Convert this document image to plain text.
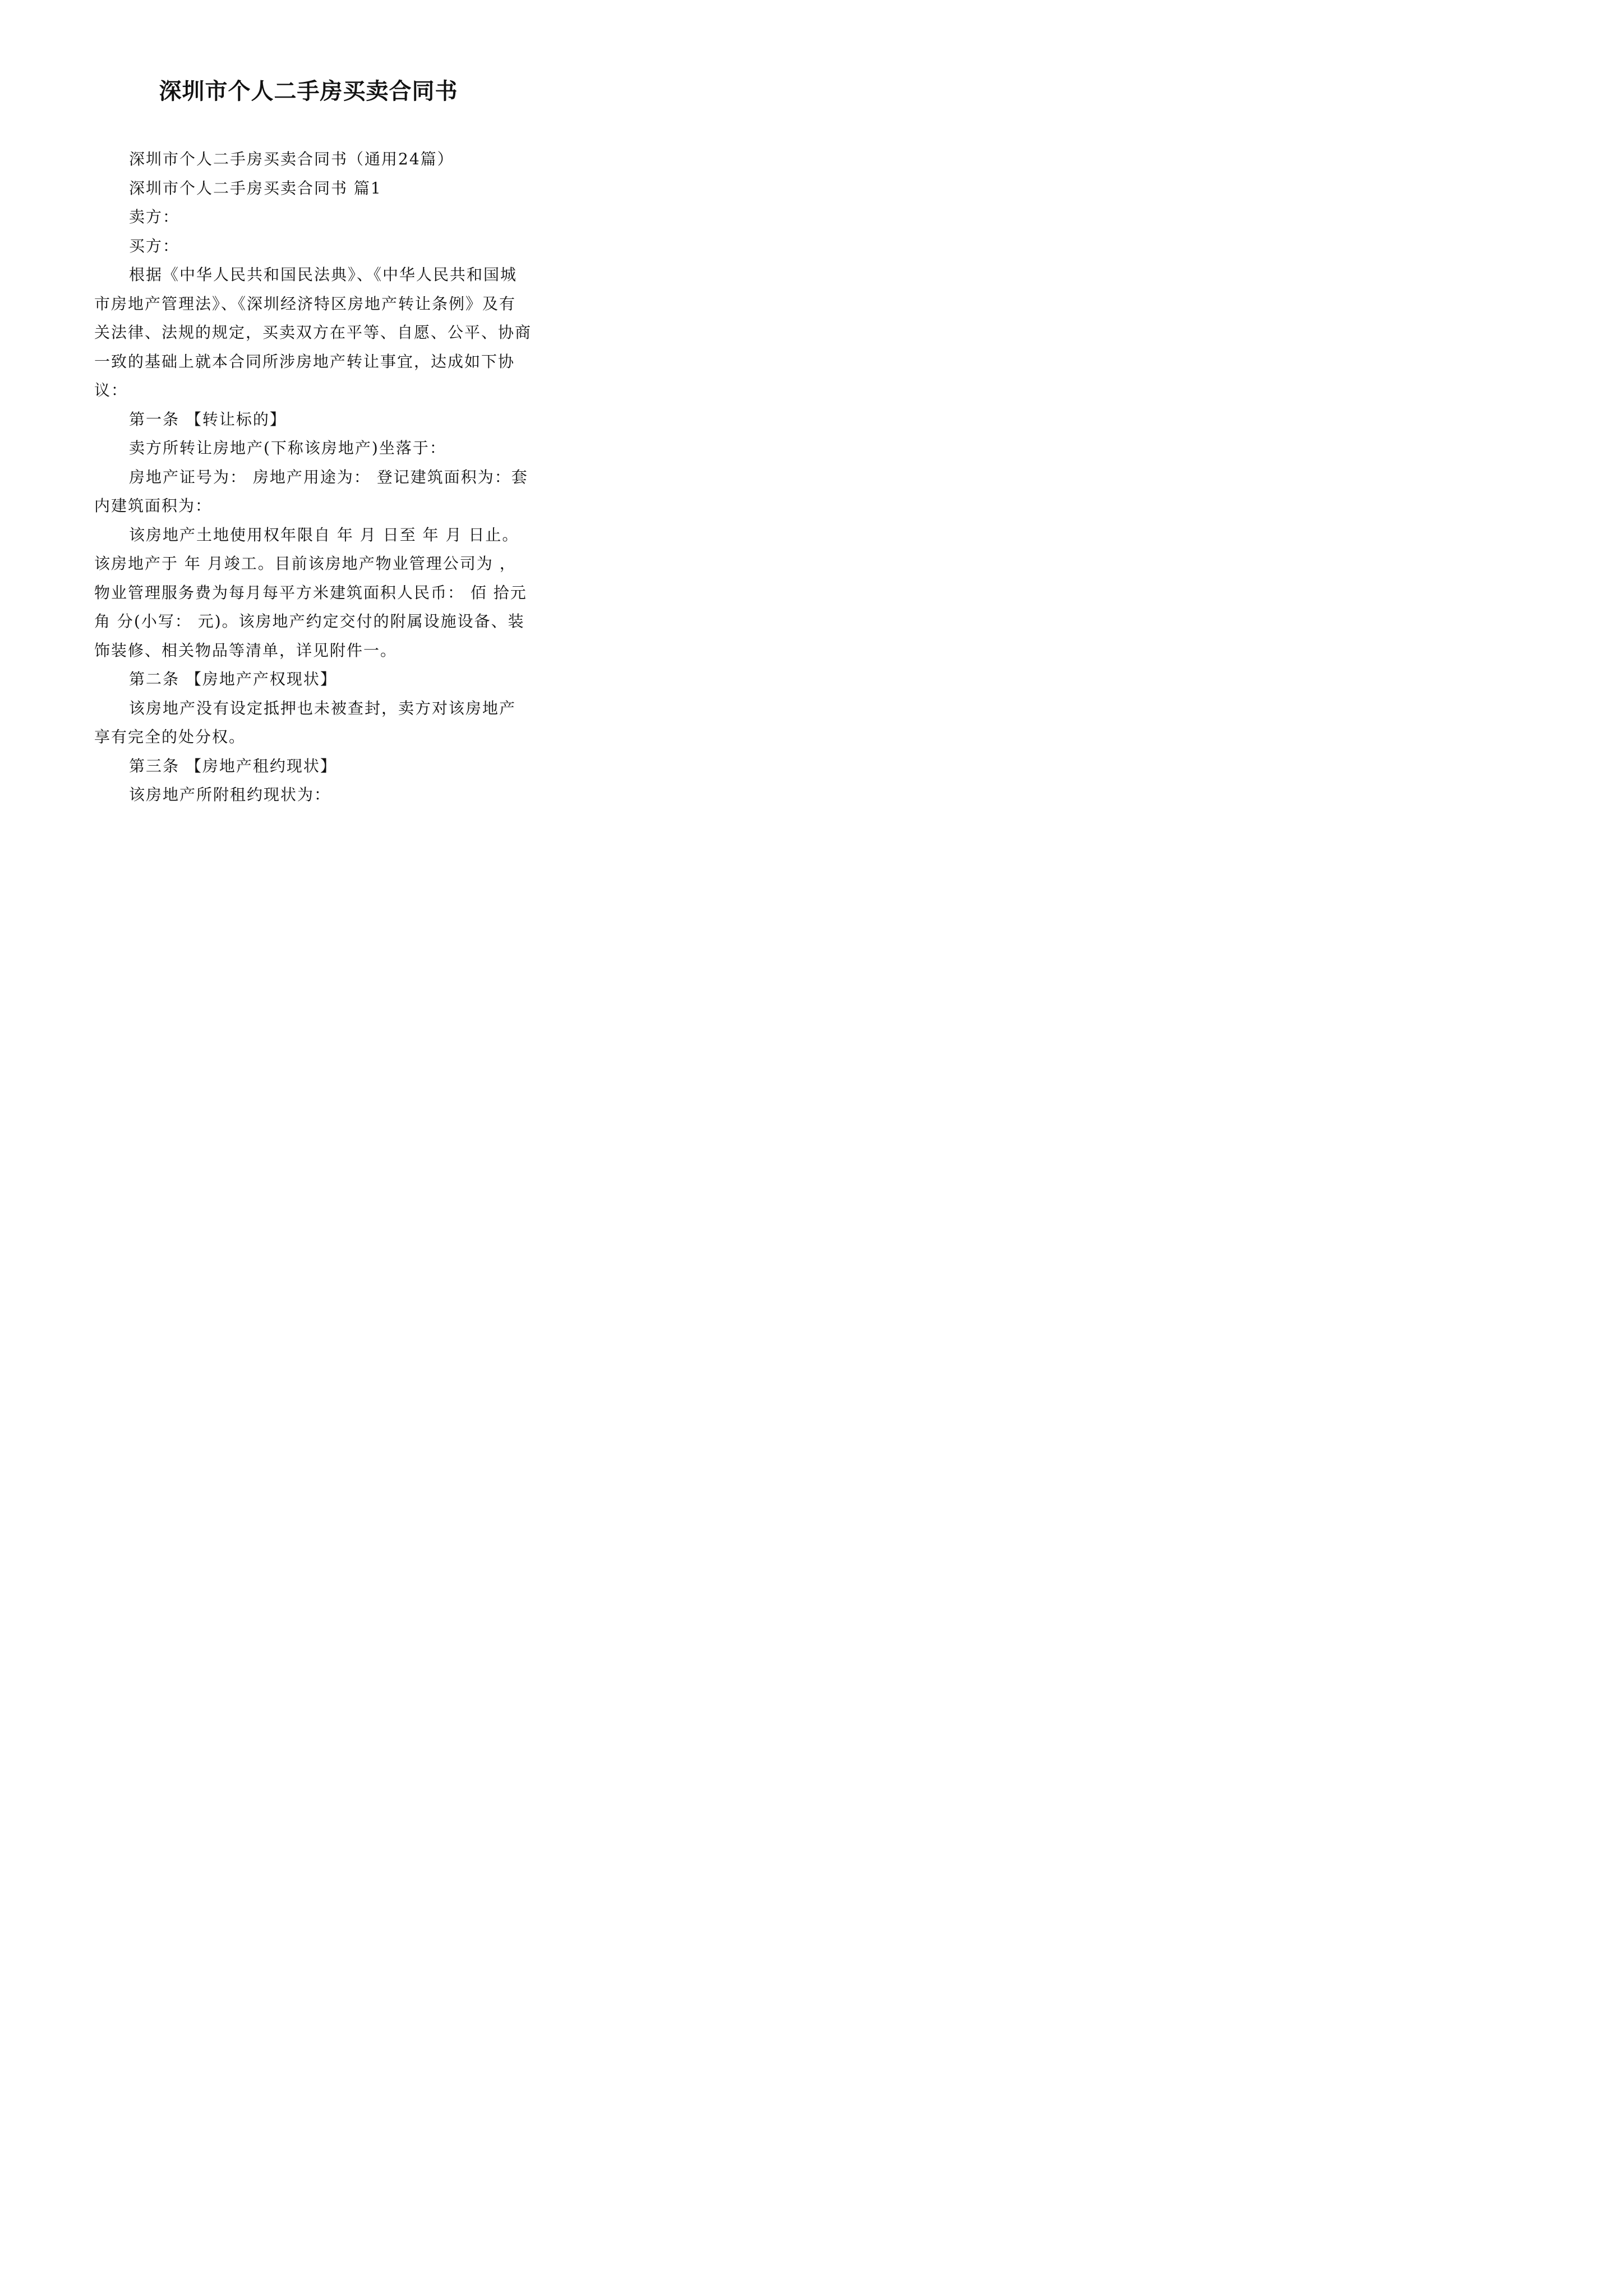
深圳市个人二手房买卖合同书

深圳市个人二手房买卖合同书（通用24篇）

深圳市个人二手房买卖合同书 篇1

卖方：

买方：

根据《中华人民共和国民法典》、《中华人民共和国城市房地产管理法》、《深圳经济特区房地产转让条例》及有关法律、法规的规定，买卖双方在平等、自愿、公平、协商一致的基础上就本合同所涉房地产转让事宜，达成如下协议：

第一条 【转让标的】

卖方所转让房地产(下称该房地产)坐落于：

房地产证号为： 房地产用途为： 登记建筑面积为：套内建筑面积为：

该房地产土地使用权年限自 年 月 日至 年 月 日止。该房地产于 年 月竣工。目前该房地产物业管理公司为 ，物业管理服务费为每月每平方米建筑面积人民币： 佰 拾元 角 分(小写： 元)。该房地产约定交付的附属设施设备、装饰装修、相关物品等清单，详见附件一。

第二条 【房地产产权现状】

该房地产没有设定抵押也未被查封，卖方对该房地产享有完全的处分权。

第三条 【房地产租约现状】

该房地产所附租约现状为：
